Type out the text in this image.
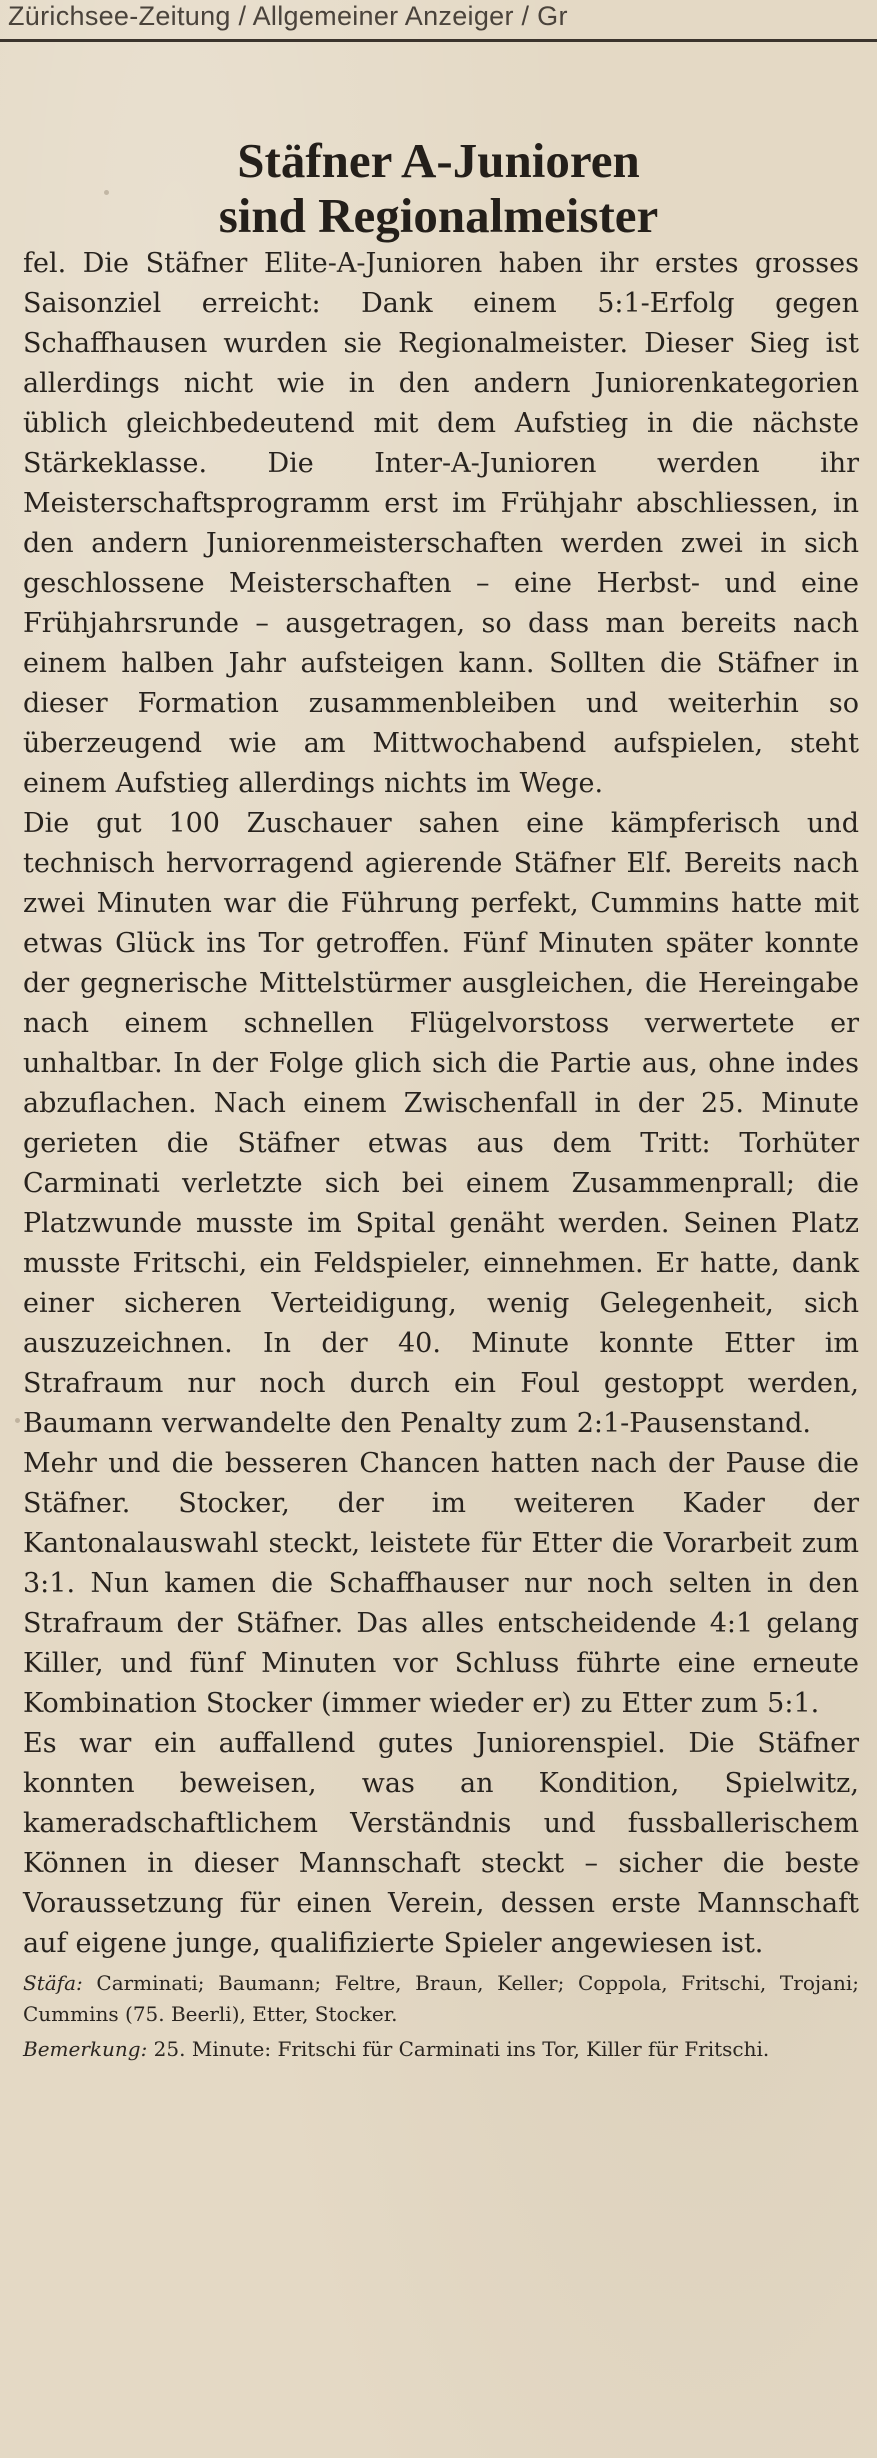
Zürichsee-Zeitung / Allgemeiner Anzeiger / Gr
Stäfner A-Junioren
sind Regionalmeister

fel. Die Stäfner Elite-A-Junioren haben ihr erstes grosses Saisonziel erreicht: Dank einem 5:1-Erfolg gegen Schaffhausen wurden sie Regionalmeister. Dieser Sieg ist allerdings nicht wie in den andern Juniorenkategorien üblich gleichbedeutend mit dem Aufstieg in die nächste Stärkeklasse. Die Inter-A-Junioren werden ihr Meisterschaftsprogramm erst im Frühjahr abschliessen, in den andern Juniorenmeisterschaften werden zwei in sich geschlossene Meisterschaften – eine Herbst- und eine Frühjahrsrunde – ausgetragen, so dass man bereits nach einem halben Jahr aufsteigen kann. Sollten die Stäfner in dieser Formation zusammenbleiben und weiterhin so überzeugend wie am Mittwochabend aufspielen, steht einem Aufstieg allerdings nichts im Wege.

Die gut 100 Zuschauer sahen eine kämpferisch und technisch hervorragend agierende Stäfner Elf. Bereits nach zwei Minuten war die Führung perfekt, Cummins hatte mit etwas Glück ins Tor getroffen. Fünf Minuten später konnte der gegnerische Mittelstürmer ausgleichen, die Hereingabe nach einem schnellen Flügelvorstoss verwertete er unhaltbar. In der Folge glich sich die Partie aus, ohne indes abzuflachen. Nach einem Zwischenfall in der 25. Minute gerieten die Stäfner etwas aus dem Tritt: Torhüter Carminati verletzte sich bei einem Zusammenprall; die Platzwunde musste im Spital genäht werden. Seinen Platz musste Fritschi, ein Feldspieler, einnehmen. Er hatte, dank einer sicheren Verteidigung, wenig Gelegenheit, sich auszuzeichnen. In der 40. Minute konnte Etter im Strafraum nur noch durch ein Foul gestoppt werden, Baumann verwandelte den Penalty zum 2:1-Pausenstand.

Mehr und die besseren Chancen hatten nach der Pause die Stäfner. Stocker, der im weiteren Kader der Kantonalauswahl steckt, leistete für Etter die Vorarbeit zum 3:1. Nun kamen die Schaffhauser nur noch selten in den Strafraum der Stäfner. Das alles entscheidende 4:1 gelang Killer, und fünf Minuten vor Schluss führte eine erneute Kombination Stocker (immer wieder er) zu Etter zum 5:1.

Es war ein auffallend gutes Juniorenspiel. Die Stäfner konnten beweisen, was an Kondition, Spielwitz, kameradschaftlichem Verständnis und fussballerischem Können in dieser Mannschaft steckt – sicher die beste Voraussetzung für einen Verein, dessen erste Mannschaft auf eigene junge, qualifizierte Spieler angewiesen ist.

Stäfa: Carminati; Baumann; Feltre, Braun, Keller; Coppola, Fritschi, Trojani; Cummins (75. Beerli), Etter, Stocker.
Bemerkung: 25. Minute: Fritschi für Carminati ins Tor, Killer für Fritschi.
